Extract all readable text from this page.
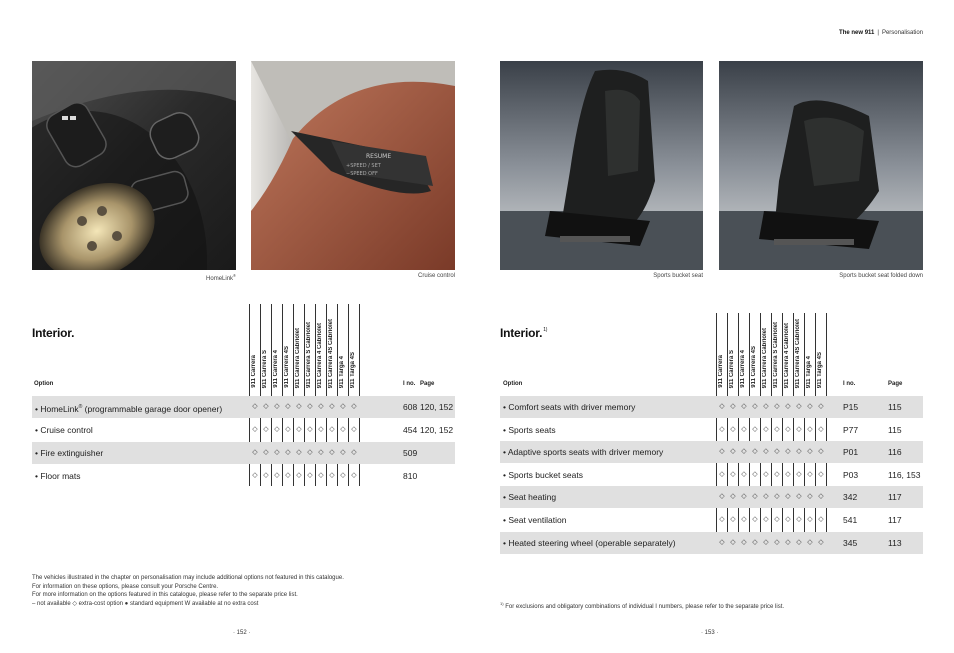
The new 911 | Personalisation
HomeLink®
RESUME
+SPEED / SET
−SPEED OFF
Cruise control	Sports bucket seat	Sports bucket seat folded down
Interior.
911 Carrera 911 Carrera S 911 Carrera 4 911 Carrera 4S 911 Carrera Cabriolet 911 Carrera S Cabriolet 911 Carrera 4 Cabriolet 911 Carrera 4S Cabriolet 911 Targa 4 911 Targa 4S
Option	I no. Page
• HomeLink® (programmable garage door opener)	◇ ◇ ◇ ◇ ◇ ◇ ◇ ◇ ◇ ◇	608 120, 152
• Cruise control	◇ ◇ ◇ ◇ ◇ ◇ ◇ ◇ ◇ ◇	454 120, 152
• Fire extinguisher	◇ ◇ ◇ ◇ ◇ ◇ ◇ ◇ ◇ ◇	509
• Floor mats	◇ ◇ ◇ ◇ ◇ ◇ ◇ ◇ ◇ ◇	810
The vehicles illustrated in the chapter on personalisation may include additional options not featured in this catalogue.
For information on these options, please consult your Porsche Centre.
For more information on the options featured in this catalogue, please refer to the separate price list.
– not available ◇ extra-cost option ● standard equipment W available at no extra cost
· 152 ·
Interior.$^{1)}$
911 Carrera 911 Carrera S 911 Carrera 4 911 Carrera 4S 911 Carrera Cabriolet 911 Carrera S Cabriolet 911 Carrera 4 Cabriolet 911 Carrera 4S Cabriolet 911 Targa 4 911 Targa 4S
Option	I no.	Page
• Comfort seats with driver memory	◇ ◇ ◇ ◇ ◇ ◇ ◇ ◇ ◇ ◇ P15	115
• Sports seats	◇ ◇ ◇ ◇ ◇ ◇ ◇ ◇ ◇ ◇ P77	115
• Adaptive sports seats with driver memory	◇ ◇ ◇ ◇ ◇ ◇ ◇ ◇ ◇ ◇ P01	116
• Sports bucket seats	◇ ◇ ◇ ◇ ◇ ◇ ◇ ◇ ◇ ◇ P03	116, 153
• Seat heating	◇ ◇ ◇ ◇ ◇ ◇ ◇ ◇ ◇ ◇ 342	117
• Seat ventilation	◇ ◇ ◇ ◇ ◇ ◇ ◇ ◇ ◇ ◇ 541	117
• Heated steering wheel (operable separately)	◇ ◇ ◇ ◇ ◇ ◇ ◇ ◇ ◇ ◇ 345	113
$^{1)}$ For exclusions and obligatory combinations of individual I numbers, please refer to the separate price list.
· 153 ·
